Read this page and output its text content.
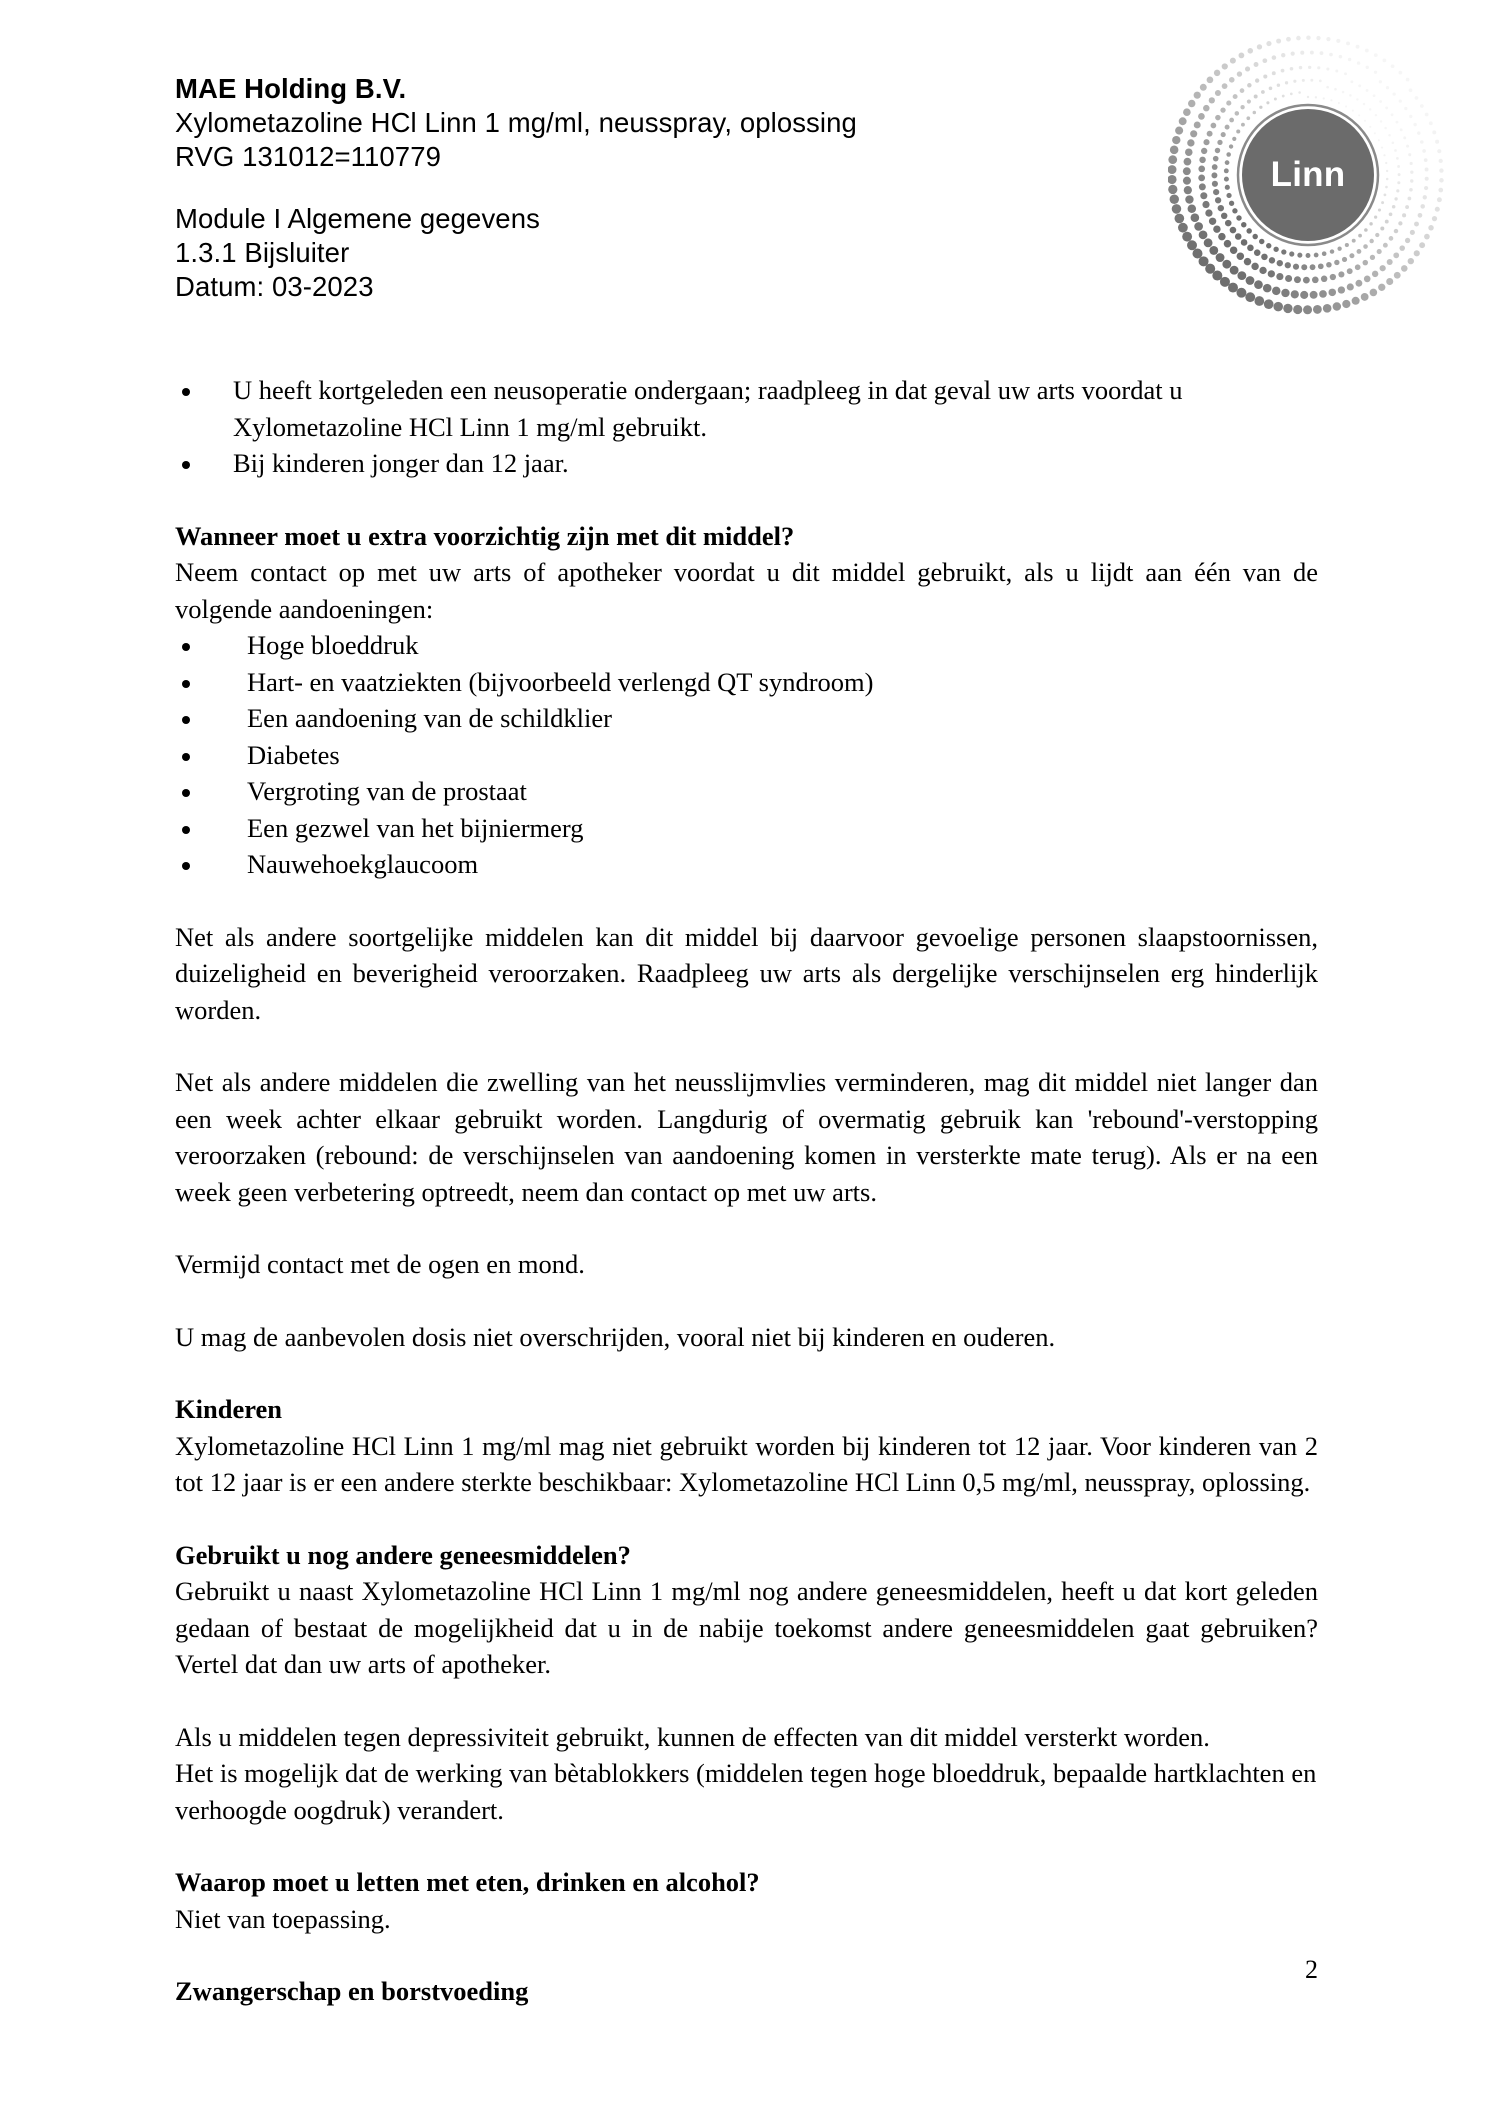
MAE Holding B.V.
Xylometazoline HCl Linn 1 mg/ml, neusspray, oplossing
RVG 131012=110779
Module I Algemene gegevens
1.3.1 Bijsluiter
Datum: 03-2023
Linn
U heeft kortgeleden een neusoperatie ondergaan; raadpleeg in dat geval uw arts voordat u
Xylometazoline HCl Linn 1 mg/ml gebruikt.
Bij kinderen jonger dan 12 jaar.
Wanneer moet u extra voorzichtig zijn met dit middel?

Neem contact op met uw arts of apotheker voordat u dit middel gebruikt, als u lijdt aan één van de volgende aandoeningen:

Hoge bloeddruk
Hart- en vaatziekten (bijvoorbeeld verlengd QT syndroom)
Een aandoening van de schildklier
Diabetes
Vergroting van de prostaat
Een gezwel van het bijniermerg
Nauwehoekglaucoom

Net als andere soortgelijke middelen kan dit middel bij daarvoor gevoelige personen slaapstoornissen, duizeligheid en beverigheid veroorzaken. Raadpleeg uw arts als dergelijke verschijnselen erg hinderlijk worden.

Net als andere middelen die zwelling van het neusslijmvlies verminderen, mag dit middel niet langer dan een week achter elkaar gebruikt worden. Langdurig of overmatig gebruik kan 'rebound'-verstopping veroorzaken (rebound: de verschijnselen van aandoening komen in versterkte mate terug). Als er na een week geen verbetering optreedt, neem dan contact op met uw arts.

Vermijd contact met de ogen en mond.

U mag de aanbevolen dosis niet overschrijden, vooral niet bij kinderen en ouderen.

Kinderen

Xylometazoline HCl Linn 1 mg/ml mag niet gebruikt worden bij kinderen tot 12 jaar. Voor kinderen van 2 tot 12 jaar is er een andere sterkte beschikbaar: Xylometazoline HCl Linn 0,5 mg/ml, neusspray, oplossing.

Gebruikt u nog andere geneesmiddelen?

Gebruikt u naast Xylometazoline HCl Linn 1 mg/ml nog andere geneesmiddelen, heeft u dat kort geleden gedaan of bestaat de mogelijkheid dat u in de nabije toekomst andere geneesmiddelen gaat gebruiken? Vertel dat dan uw arts of apotheker.

Als u middelen tegen depressiviteit gebruikt, kunnen de effecten van dit middel versterkt worden.

Het is mogelijk dat de werking van bètablokkers (middelen tegen hoge bloeddruk, bepaalde hartklachten en verhoogde oogdruk) verandert.

Waarop moet u letten met eten, drinken en alcohol?

Niet van toepassing.

Zwangerschap en borstvoeding
2
